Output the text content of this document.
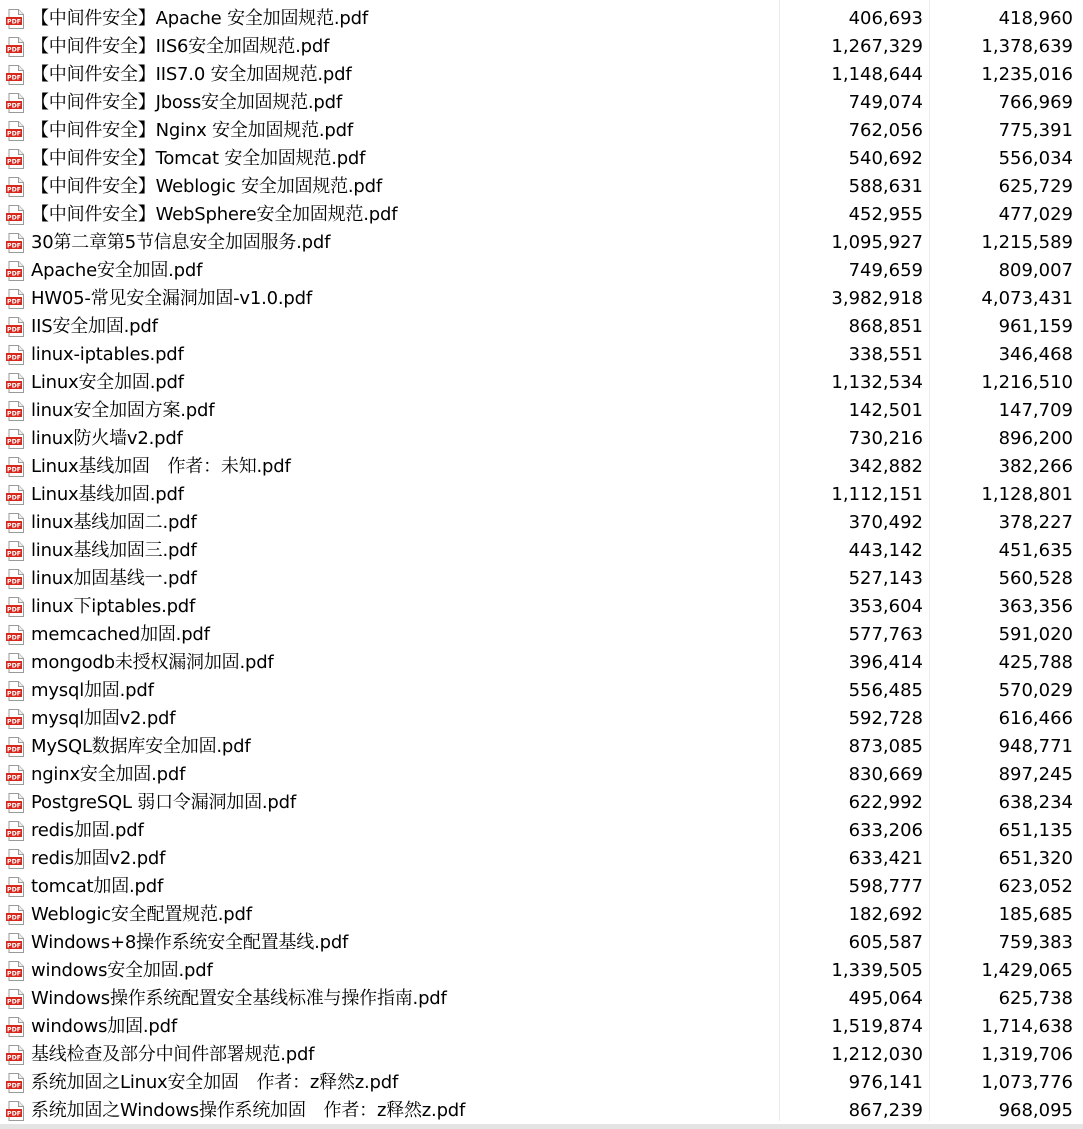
PDF 【中间件安全】Apache 安全加固规范.pdf	406,693	418,960
PDF 【中间件安全】IIS6安全加固规范.pdf	1,267,329	1,378,639
PDF 【中间件安全】IIS7.0 安全加固规范.pdf	1,148,644	1,235,016
PDF 【中间件安全】Jboss安全加固规范.pdf	749,074	766,969
PDF 【中间件安全】Nginx 安全加固规范.pdf	762,056	775,391
PDF 【中间件安全】Tomcat 安全加固规范.pdf	540,692	556,034
PDF 【中间件安全】Weblogic 安全加固规范.pdf	588,631	625,729
PDF 【中间件安全】WebSphere安全加固规范.pdf	452,955	477,029
PDF 30第二章第5节信息安全加固服务.pdf	1,095,927	1,215,589
PDF Apache安全加固.pdf	749,659	809,007
PDF HW05-常见安全漏洞加固-v1.0.pdf	3,982,918	4,073,431
PDF IIS安全加固.pdf	868,851	961,159
PDF linux-iptables.pdf	338,551	346,468
PDF Linux安全加固.pdf	1,132,534	1,216,510
PDF linux安全加固方案.pdf	142,501	147,709
PDF linux防火墙v2.pdf	730,216	896,200
PDF Linux基线加固　作者：未知.pdf	342,882	382,266
PDF Linux基线加固.pdf	1,112,151	1,128,801
PDF linux基线加固二.pdf	370,492	378,227
PDF linux基线加固三.pdf	443,142	451,635
PDF linux加固基线一.pdf	527,143	560,528
PDF linux下iptables.pdf	353,604	363,356
PDF memcached加固.pdf	577,763	591,020
PDF mongodb未授权漏洞加固.pdf	396,414	425,788
PDF mysql加固.pdf	556,485	570,029
PDF mysql加固v2.pdf	592,728	616,466
PDF MySQL数据库安全加固.pdf	873,085	948,771
PDF nginx安全加固.pdf	830,669	897,245
PDF PostgreSQL 弱口令漏洞加固.pdf	622,992	638,234
PDF redis加固.pdf	633,206	651,135
PDF redis加固v2.pdf	633,421	651,320
PDF tomcat加固.pdf	598,777	623,052
PDF Weblogic安全配置规范.pdf	182,692	185,685
PDF Windows+8操作系统安全配置基线.pdf	605,587	759,383
PDF windows安全加固.pdf	1,339,505	1,429,065
PDF Windows操作系统配置安全基线标准与操作指南.pdf	495,064	625,738
PDF windows加固.pdf	1,519,874	1,714,638
PDF 基线检查及部分中间件部署规范.pdf	1,212,030	1,319,706
PDF 系统加固之Linux安全加固　作者：z释然z.pdf	976,141	1,073,776
PDF 系统加固之Windows操作系统加固　作者：z释然z.pdf	867,239	968,095
